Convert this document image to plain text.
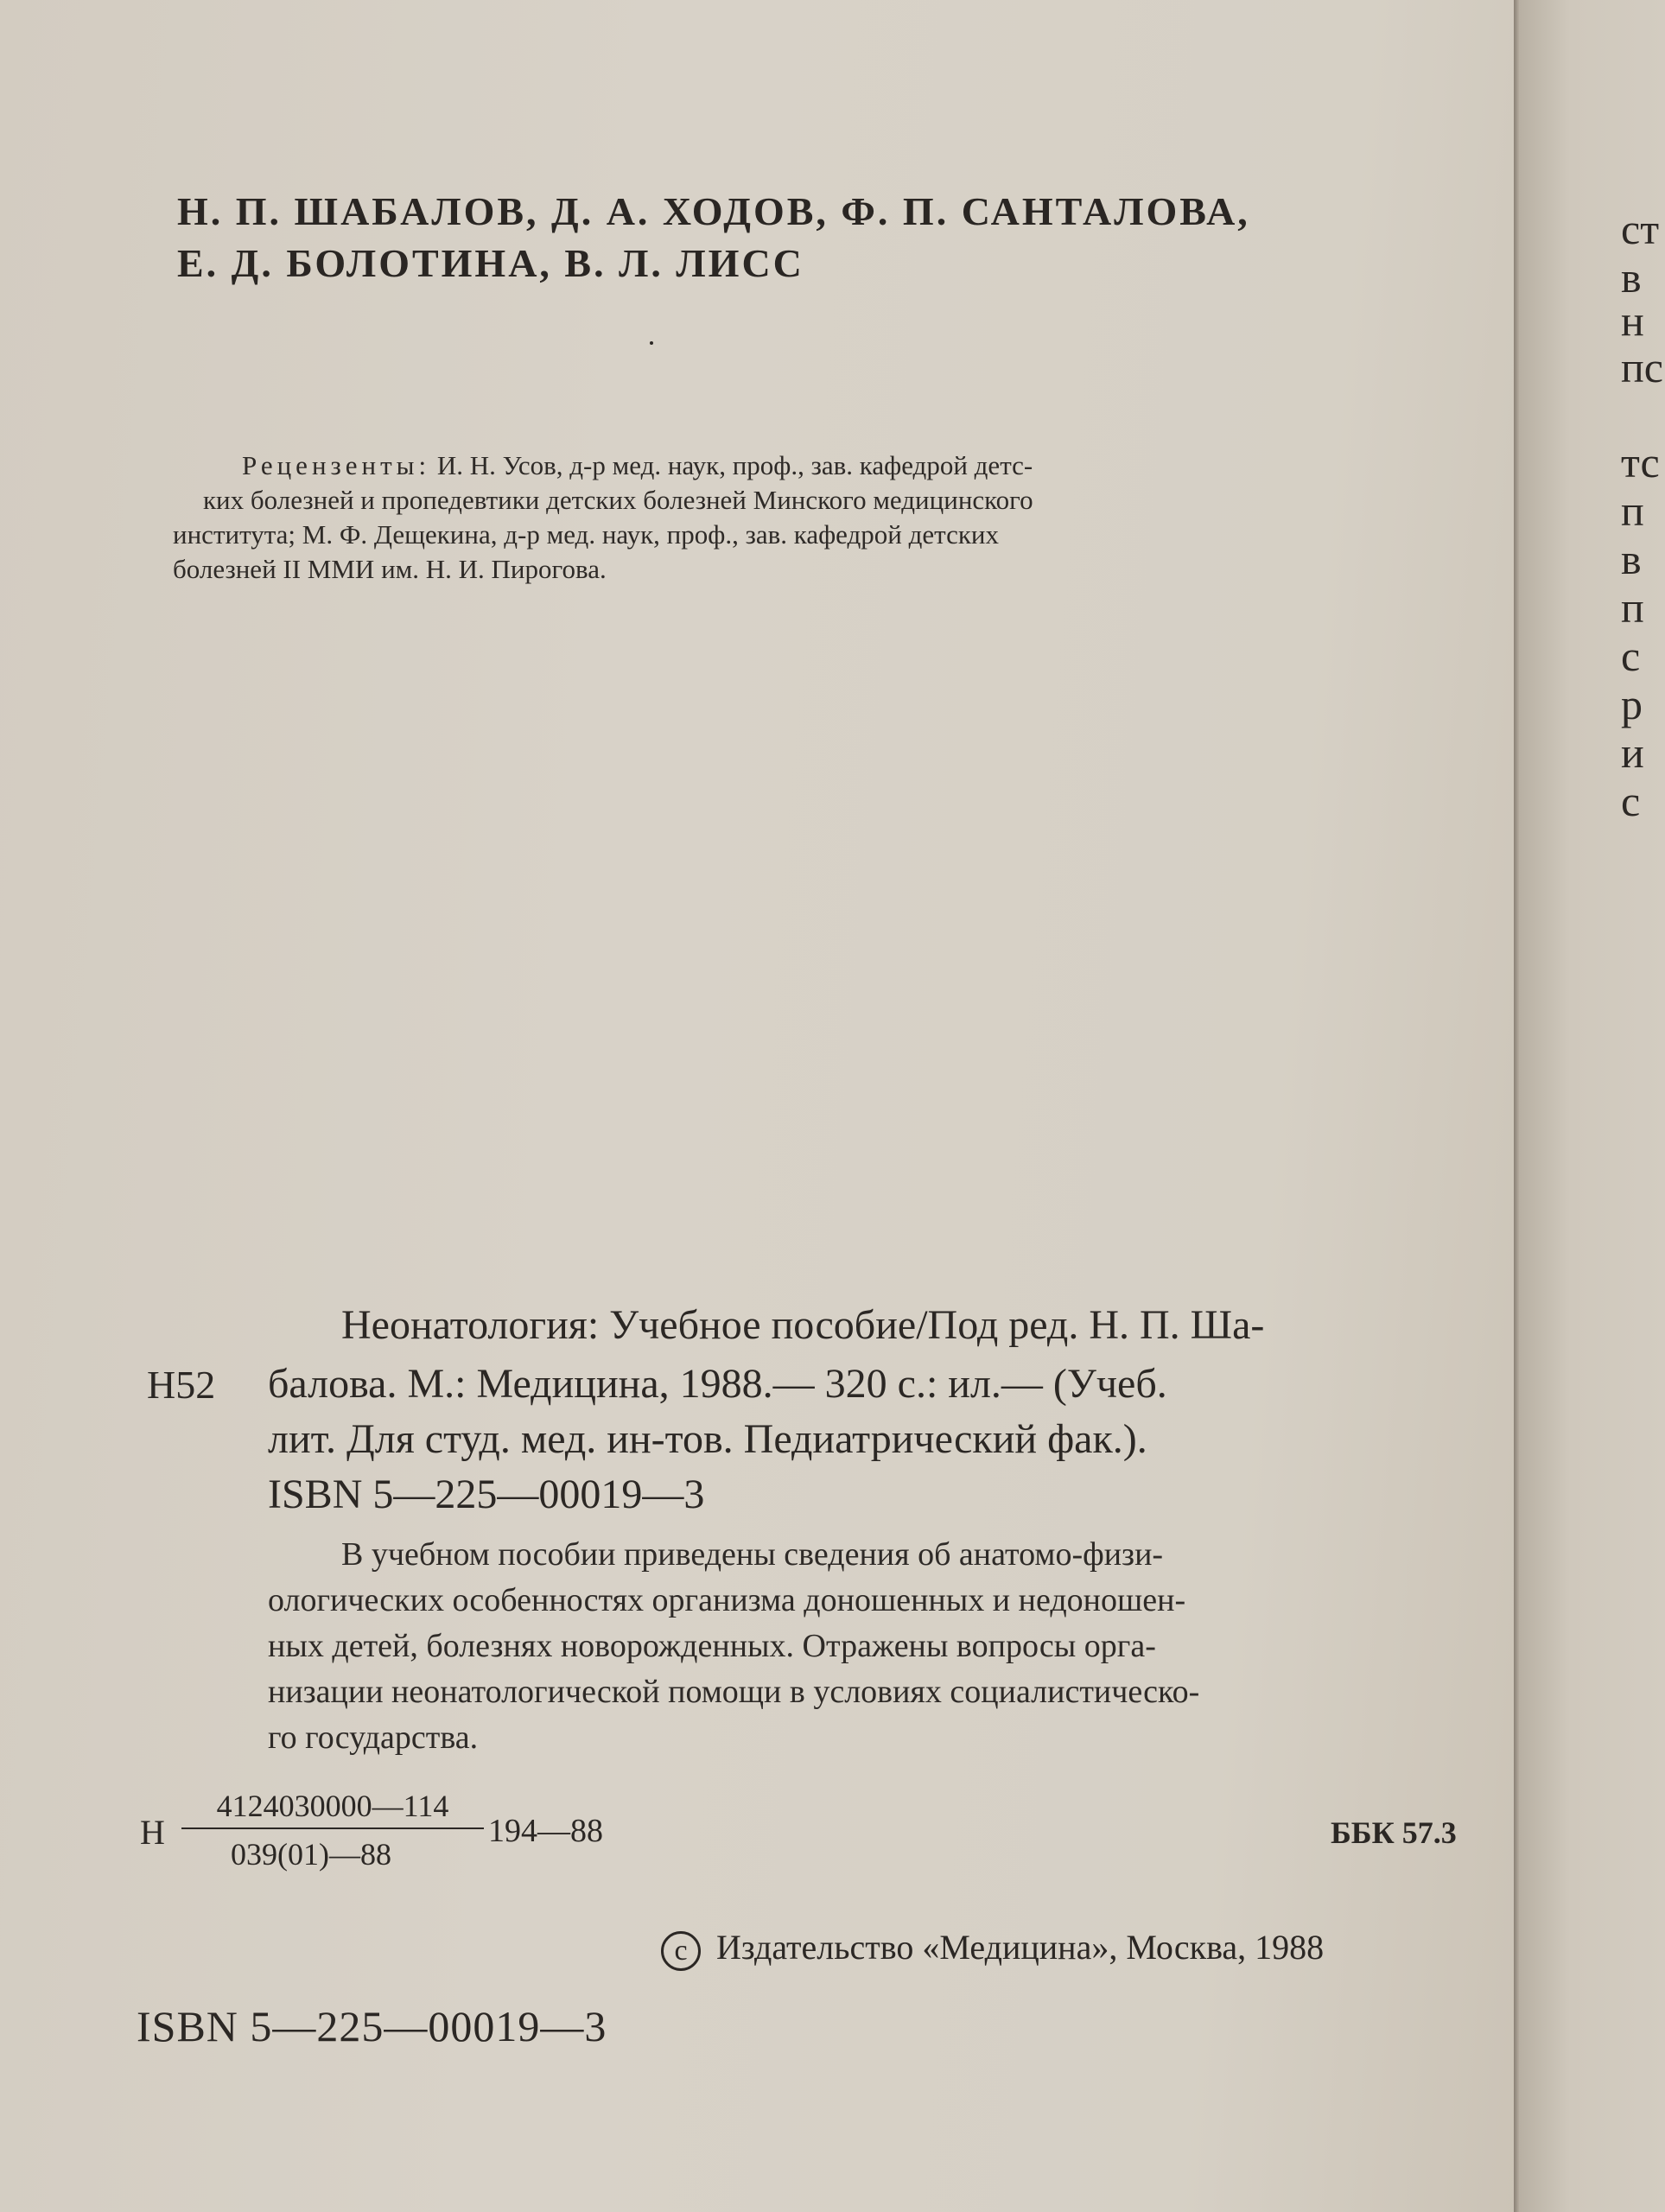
Н. П. ШАБАЛОВ, Д. А. ХОДОВ, Ф. П. САНТАЛОВА,
Е. Д. БОЛОТИНА, В. Л. ЛИСС
Рецензенты: И. Н. Усов, д-р мед. наук, проф., зав. кафедрой детс-
ких болезней и пропедевтики детских болезней Минского медицинского
института; М. Ф. Дещекина, д-р мед. наук, проф., зав. кафедрой детских
болезней II ММИ им. Н. И. Пирогова.
Неонатология: Учебное пособие/Под ред. Н. П. Ша-
Н52 балова. М.: Медицина, 1988.— 320 с.: ил.— (Учеб.
лит. Для студ. мед. ин-тов. Педиатрический фак.).
ISBN 5—225—00019—3
В учебном пособии приведены сведения об анатомо-физи-
ологических особенностях организма доношенных и недоношен-
ных детей, болезнях новорожденных. Отражены вопросы орга-
низации неонатологической помощи в условиях социалистическо-
го государства.
Н
4124030000—114
039(01)—88
194—88	ББК 57.3
c Издательство «Медицина», Москва, 1988
ISBN 5—225—00019—3
ст
в
н
пс
тс
п
в
п
с
р
и
с
